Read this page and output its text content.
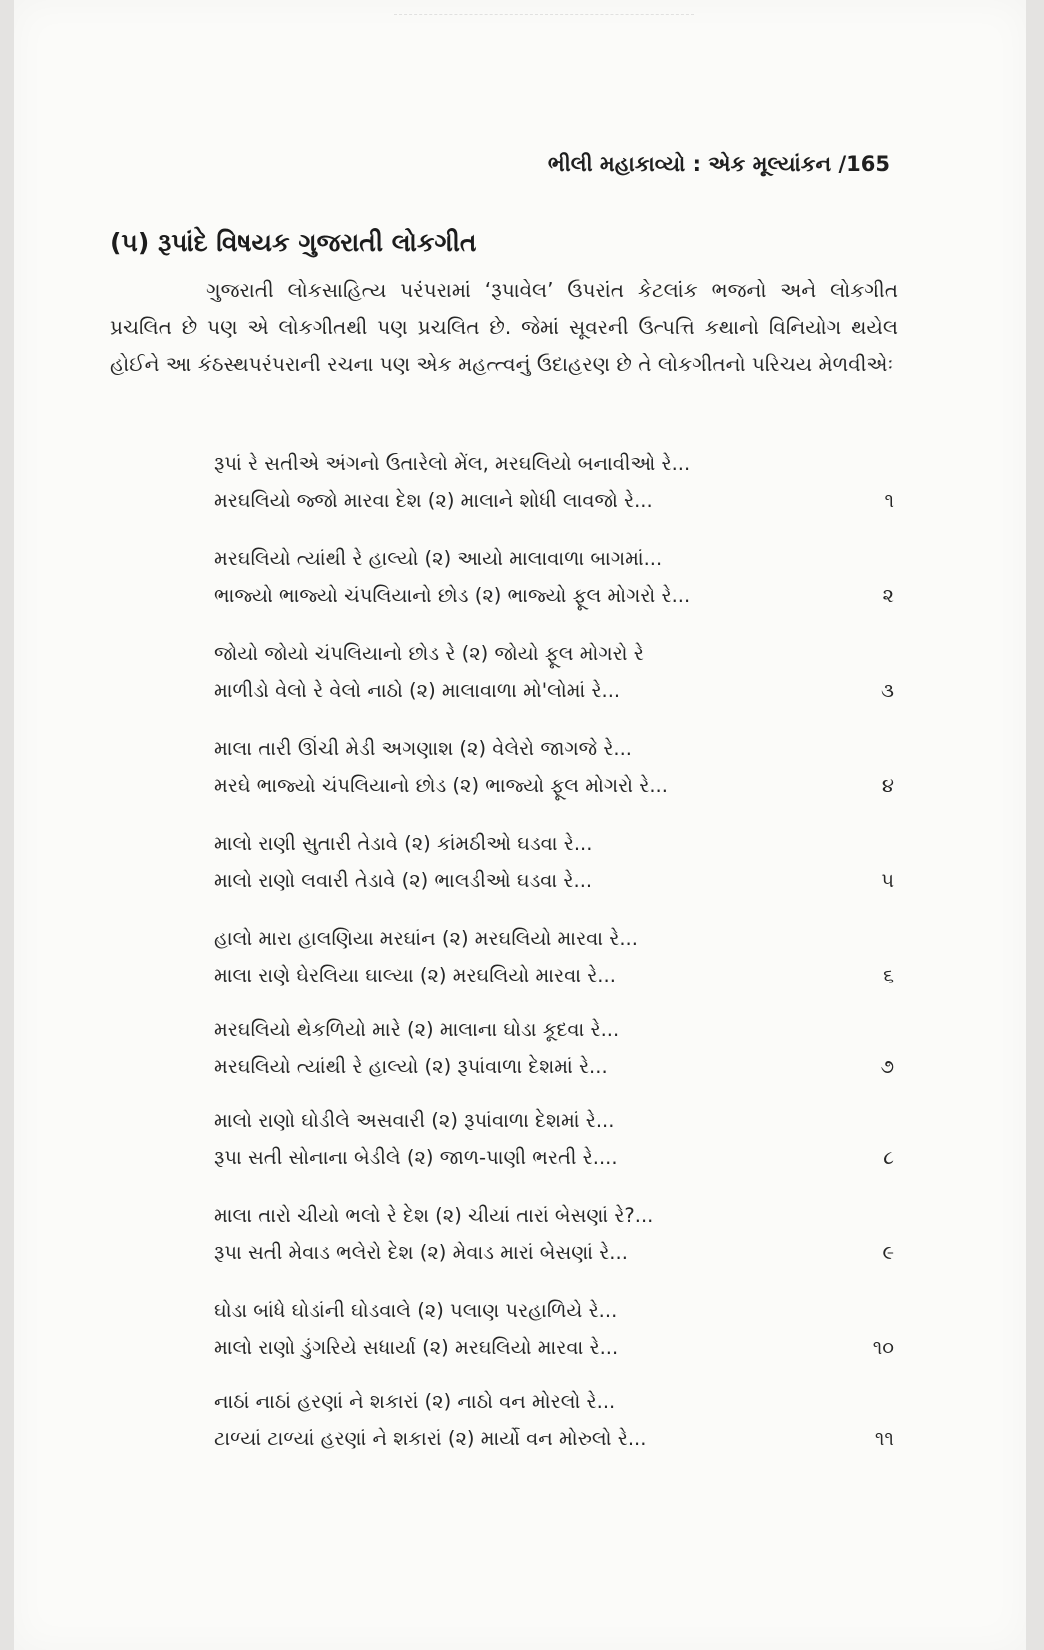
ભીલી મહાકાવ્યો : એક મૂલ્યાંકન /165
(૫) રૂપાંદે વિષયક ગુજરાતી લોકગીત

ગુજરાતી લોકસાહિત્ય પરંપરામાં ‘રૂપાવેલ’ ઉપરાંત કેટલાંક ભજનો અને લોકગીત પ્રચલિત છે પણ એ લોકગીતથી પણ પ્રચલિત છે. જેમાં સૂવરની ઉત્પત્તિ કથાનો વિનિયોગ થયેલ હોઈને આ કંઠસ્થપરંપરાની રચના પણ એક મહત્ત્વનું ઉદાહરણ છે તે લોકગીતનો પરિચય મેળવીએઃ

રૂપાં રે સતીએ અંગનો ઉતારેલો મેંલ, મરઘલિયો બનાવીઓ રે...
મરઘલિયો જ્જો મારવા દેશ (૨) માલાને શોધી લાવજો રે...	૧
મરઘલિયો ત્યાંથી રે હાલ્યો (૨) આયો માલાવાળા બાગમાં...
ભાજ્યો ભાજ્યો ચંપલિયાનો છોડ (૨) ભાજ્યો ફૂલ મોગરો રે...	૨
જોયો જોયો ચંપલિયાનો છોડ રે (૨) જોયો ફૂલ મોગરો રે
માળીડો વેલો રે વેલો નાઠો (૨) માલાવાળા મો'લોમાં રે...	૩
માલા તારી ઊંચી મેડી અગણાશ (૨) વેલેરો જાગજે રે...
મરઘે ભાજ્યો ચંપલિયાનો છોડ (૨) ભાજ્યો ફૂલ મોગરો રે...	૪
માલો રાણી સુતારી તેડાવે (૨) કાંમઠીઓ ઘડવા રે...
માલો રાણો લવારી તેડાવે (૨) ભાલડીઓ ઘડવા રે...	૫
હાલો મારા હાલણિયા મરઘાંન (૨) મરઘલિયો મારવા રે...
માલા રાણે ઘેરલિયા ઘાલ્યા (૨) મરઘલિયો મારવા રે...	૬
મરઘલિયો થેકળિયો મારે (૨) માલાના ઘોડા કૂદવા રે...
મરઘલિયો ત્યાંથી રે હાલ્યો (૨) રૂપાંવાળા દેશમાં રે...	૭
માલો રાણો ઘોડીલે અસવારી (૨) રૂપાંવાળા દેશમાં રે...
રૂપા સતી સોનાના બેડીલે (૨) જાળ-પાણી ભરતી રે....	૮
માલા તારો ચીયો ભલો રે દેશ (૨) ચીયાં તારાં બેસણાં રે?...
રૂપા સતી મેવાડ ભલેરો દેશ (૨) મેવાડ મારાં બેસણાં રે...	૯
ઘોડા બાંધે ઘોડાંની ઘોડવાલે (૨) પલાણ પરહાળિયે રે...
માલો રાણો ડુંગરિયે સધાર્યા (૨) મરઘલિયો મારવા રે...	૧૦
નાઠાં નાઠાં હરણાં ને શકારાં (૨) નાઠો વન મોરલો રે...
ટાળ્યાં ટાળ્યાં હરણાં ને શકારાં (૨) માર્યો વન મોરુલો રે...	૧૧
